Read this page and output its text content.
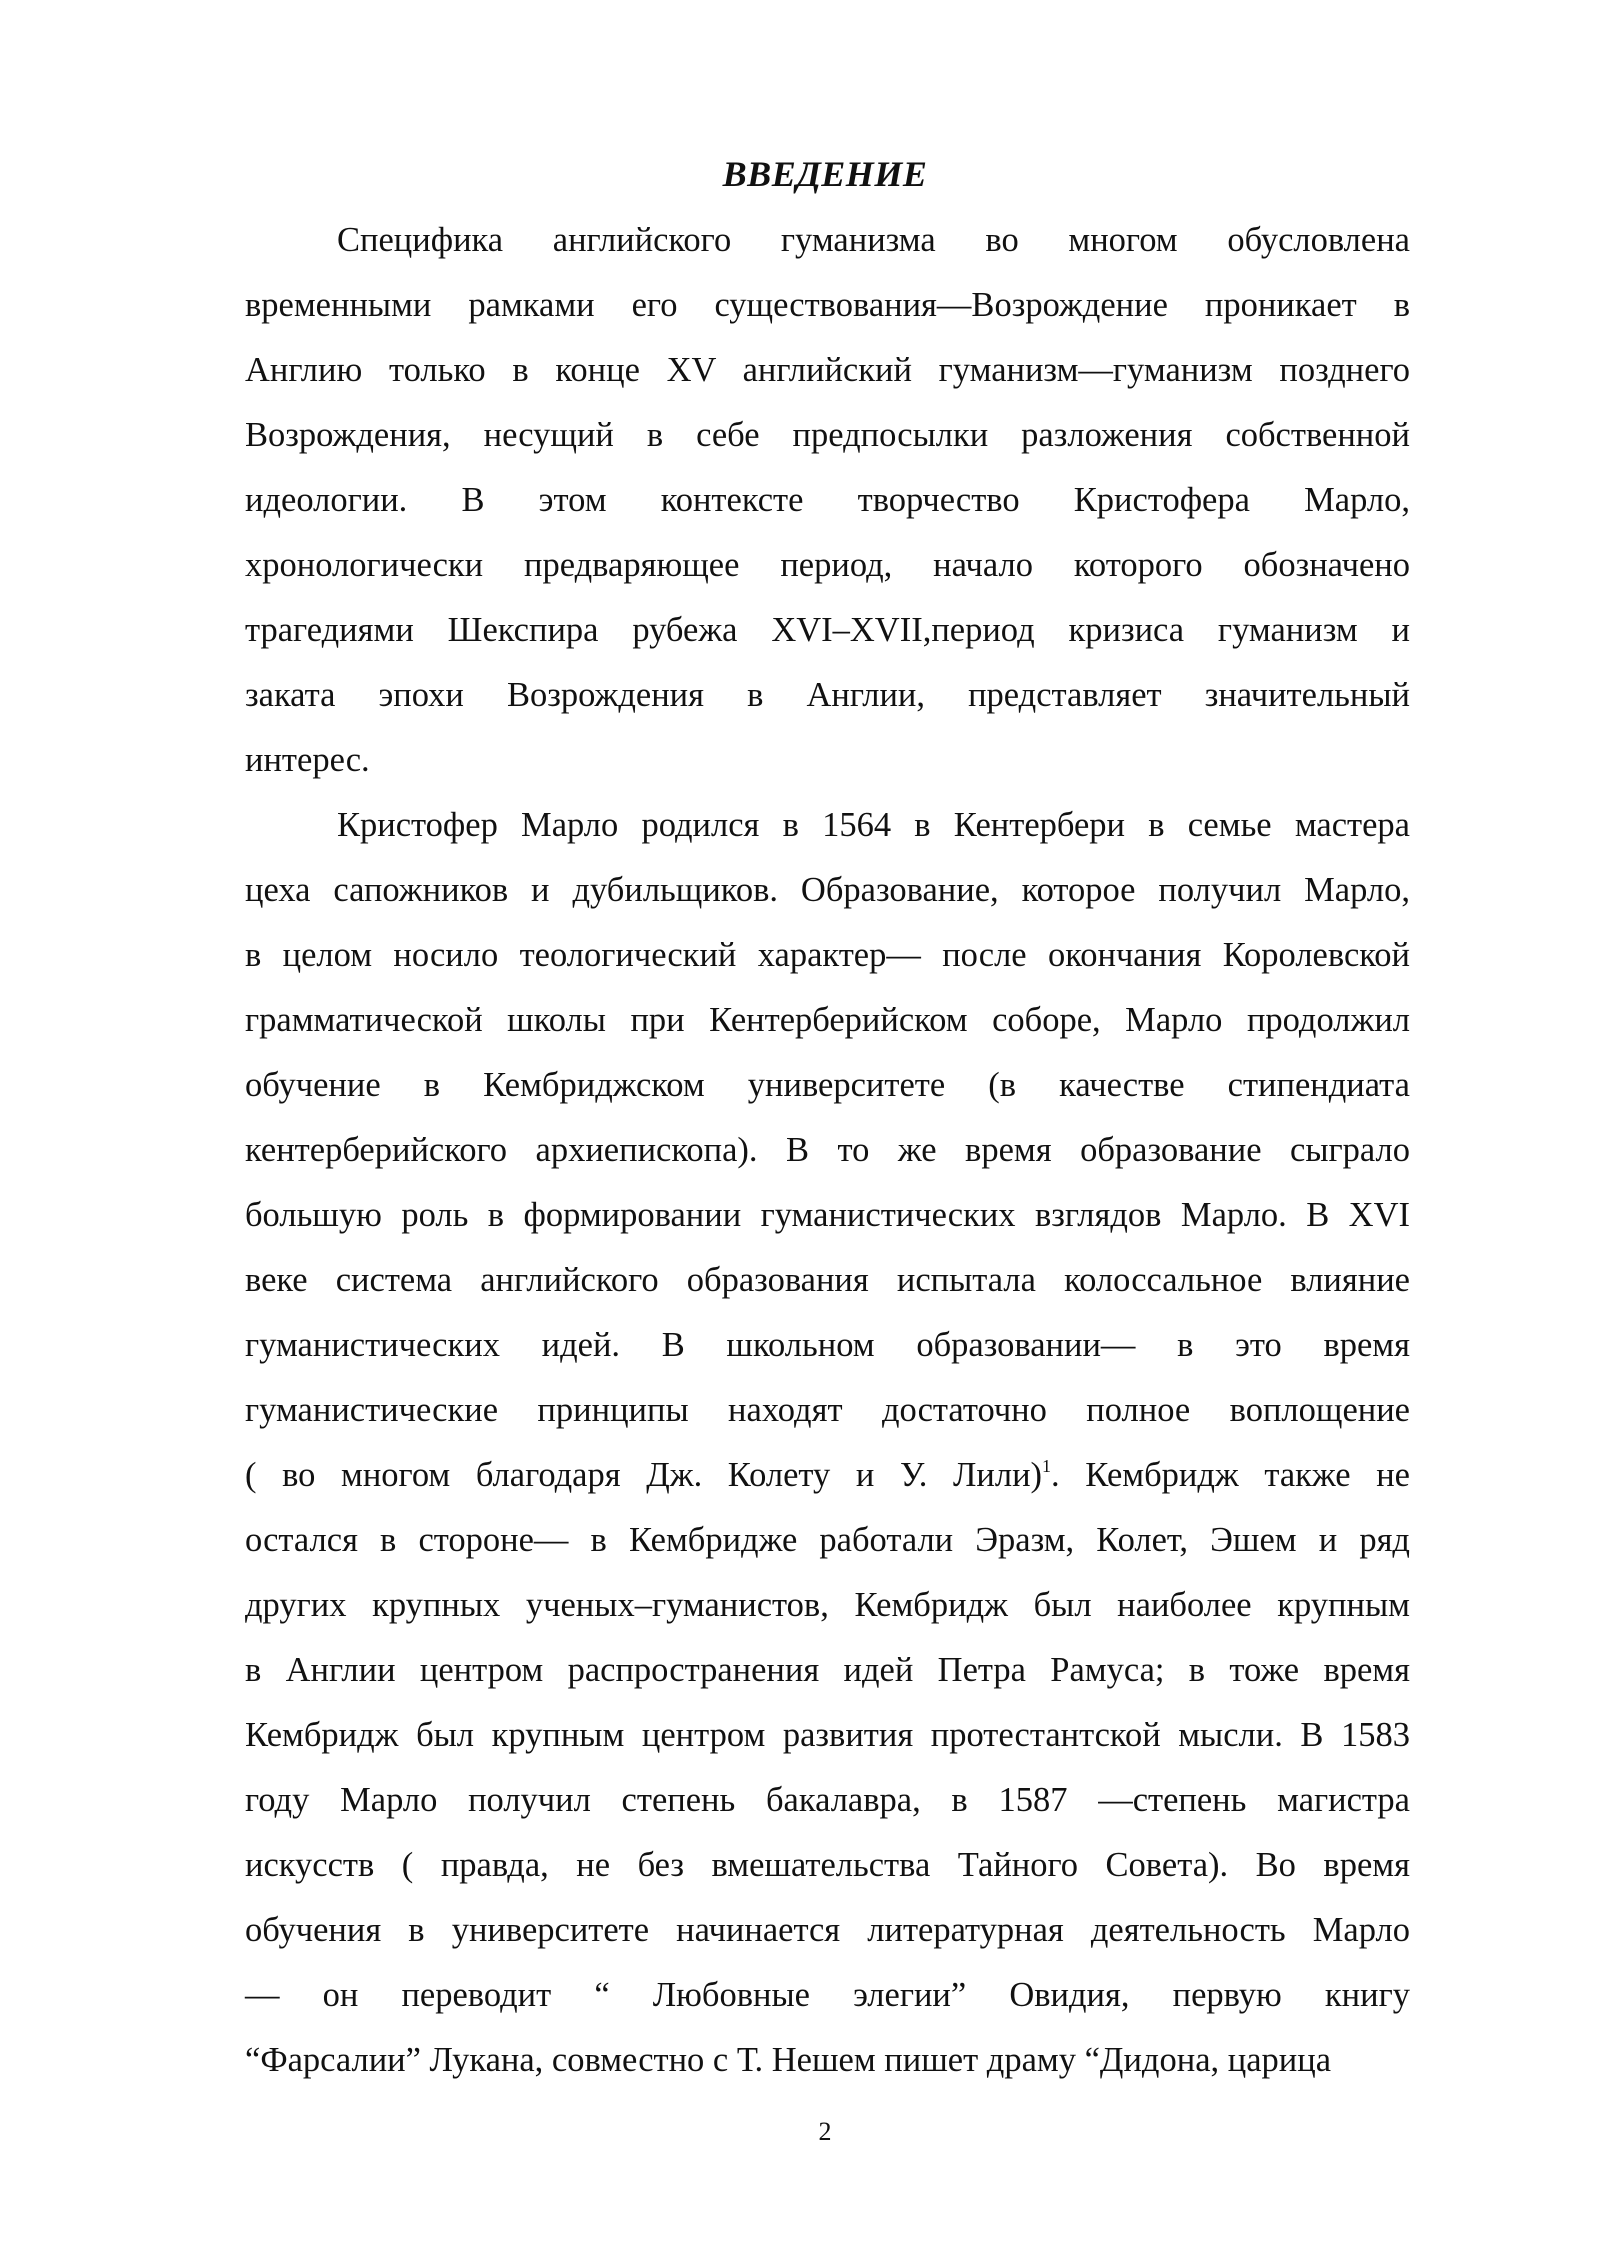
ВВЕДЕНИЕ
Специфика английского гуманизма во многом обусловлена
временными рамками его существования—Возрождение проникает в
Англию только в конце XV английский гуманизм—гуманизм позднего
Возрождения, несущий в себе предпосылки разложения собственной
идеологии. В этом контексте творчество Кристофера Марло,
хронологически предваряющее период, начало которого обозначено
трагедиями Шекспира рубежа XVI–XVII,период кризиса гуманизм и
заката эпохи Возрождения в Англии, представляет значительный
интерес.
Кристофер Марло родился в 1564 в Кентербери в семье мастера
цеха сапожников и дубильщиков. Образование, которое получил Марло,
в целом носило теологический характер— после окончания Королевской
грамматической школы при Кентерберийском соборе, Марло продолжил
обучение в Кембриджском университете (в качестве стипендиата
кентерберийского архиепископа). В то же время образование сыграло
большую роль в формировании гуманистических взглядов Марло. В XVI
веке система английского образования испытала колоссальное влияние
гуманистических идей. В школьном образовании— в это время
гуманистические принципы находят достаточно полное воплощение
( во многом благодаря Дж. Колету и У. Лили)$^1$. Кембридж также не
остался в стороне— в Кембридже работали Эразм, Колет, Эшем и ряд
других крупных ученых–гуманистов, Кембридж был наиболее крупным
в Англии центром распространения идей Петра Рамуса; в тоже время
Кембридж был крупным центром развития протестантской мысли. В 1583
году Марло получил степень бакалавра, в 1587 —степень магистра
искусств ( правда, не без вмешательства Тайного Совета). Во время
обучения в университете начинается литературная деятельность Марло
— он переводит “ Любовные элегии” Овидия, первую книгу
“Фарсалии” Лукана, совместно с Т. Нешем пишет драму “Дидона, царица
2
